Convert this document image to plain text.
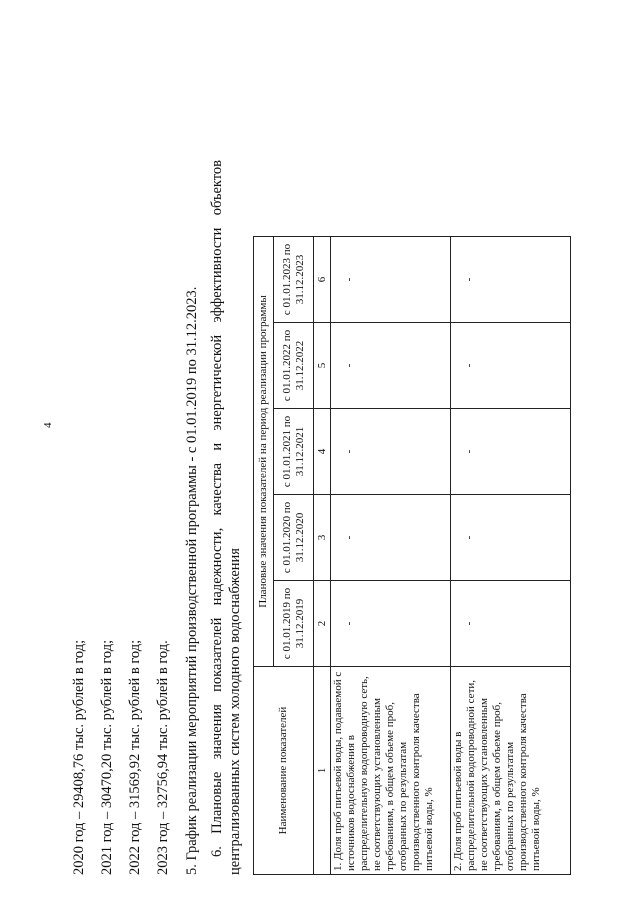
4
2020 год – 29408,76 тыс. рублей в год; 2021 год – 30470,20 тыс. рублей в год; 2022 год – 31569,92 тыс. рублей в год; 2023 год – 32756,94 тыс. рублей в год. 5. График реализации мероприятий производственной программы - с 01.01.2019 по 31.12.2023. 6. Плановые значения показателей надежности, качества и энергетической эффективности объектов централизованных систем холодного водоснабжения	Наименование показателей	Плановые значения показателей на период реализации программы				
	с 01.01.2019 по 31.12.2019	с 01.01.2020 по 31.12.2020	с 01.01.2021 по 31.12.2021	с 01.01.2022 по 31.12.2022	с 01.01.2023 по 31.12.2023
1	2	3	4	5	6
1. Доля проб питьевой воды, подаваемой с источников водоснабжения в распределительную водопроводную сеть, не соответствующих установленным требованиям, в общем объеме проб, отобранных по результатам производственного контроля качества питьевой воды, %	-	-	-	-	-
2. Доля проб питьевой воды в распределительной водопроводной сети, не соответствующих установленным требованиям, в общем объеме проб, отобранных по результатам производственного контроля качества питьевой воды, %	-	-	-	-	-
